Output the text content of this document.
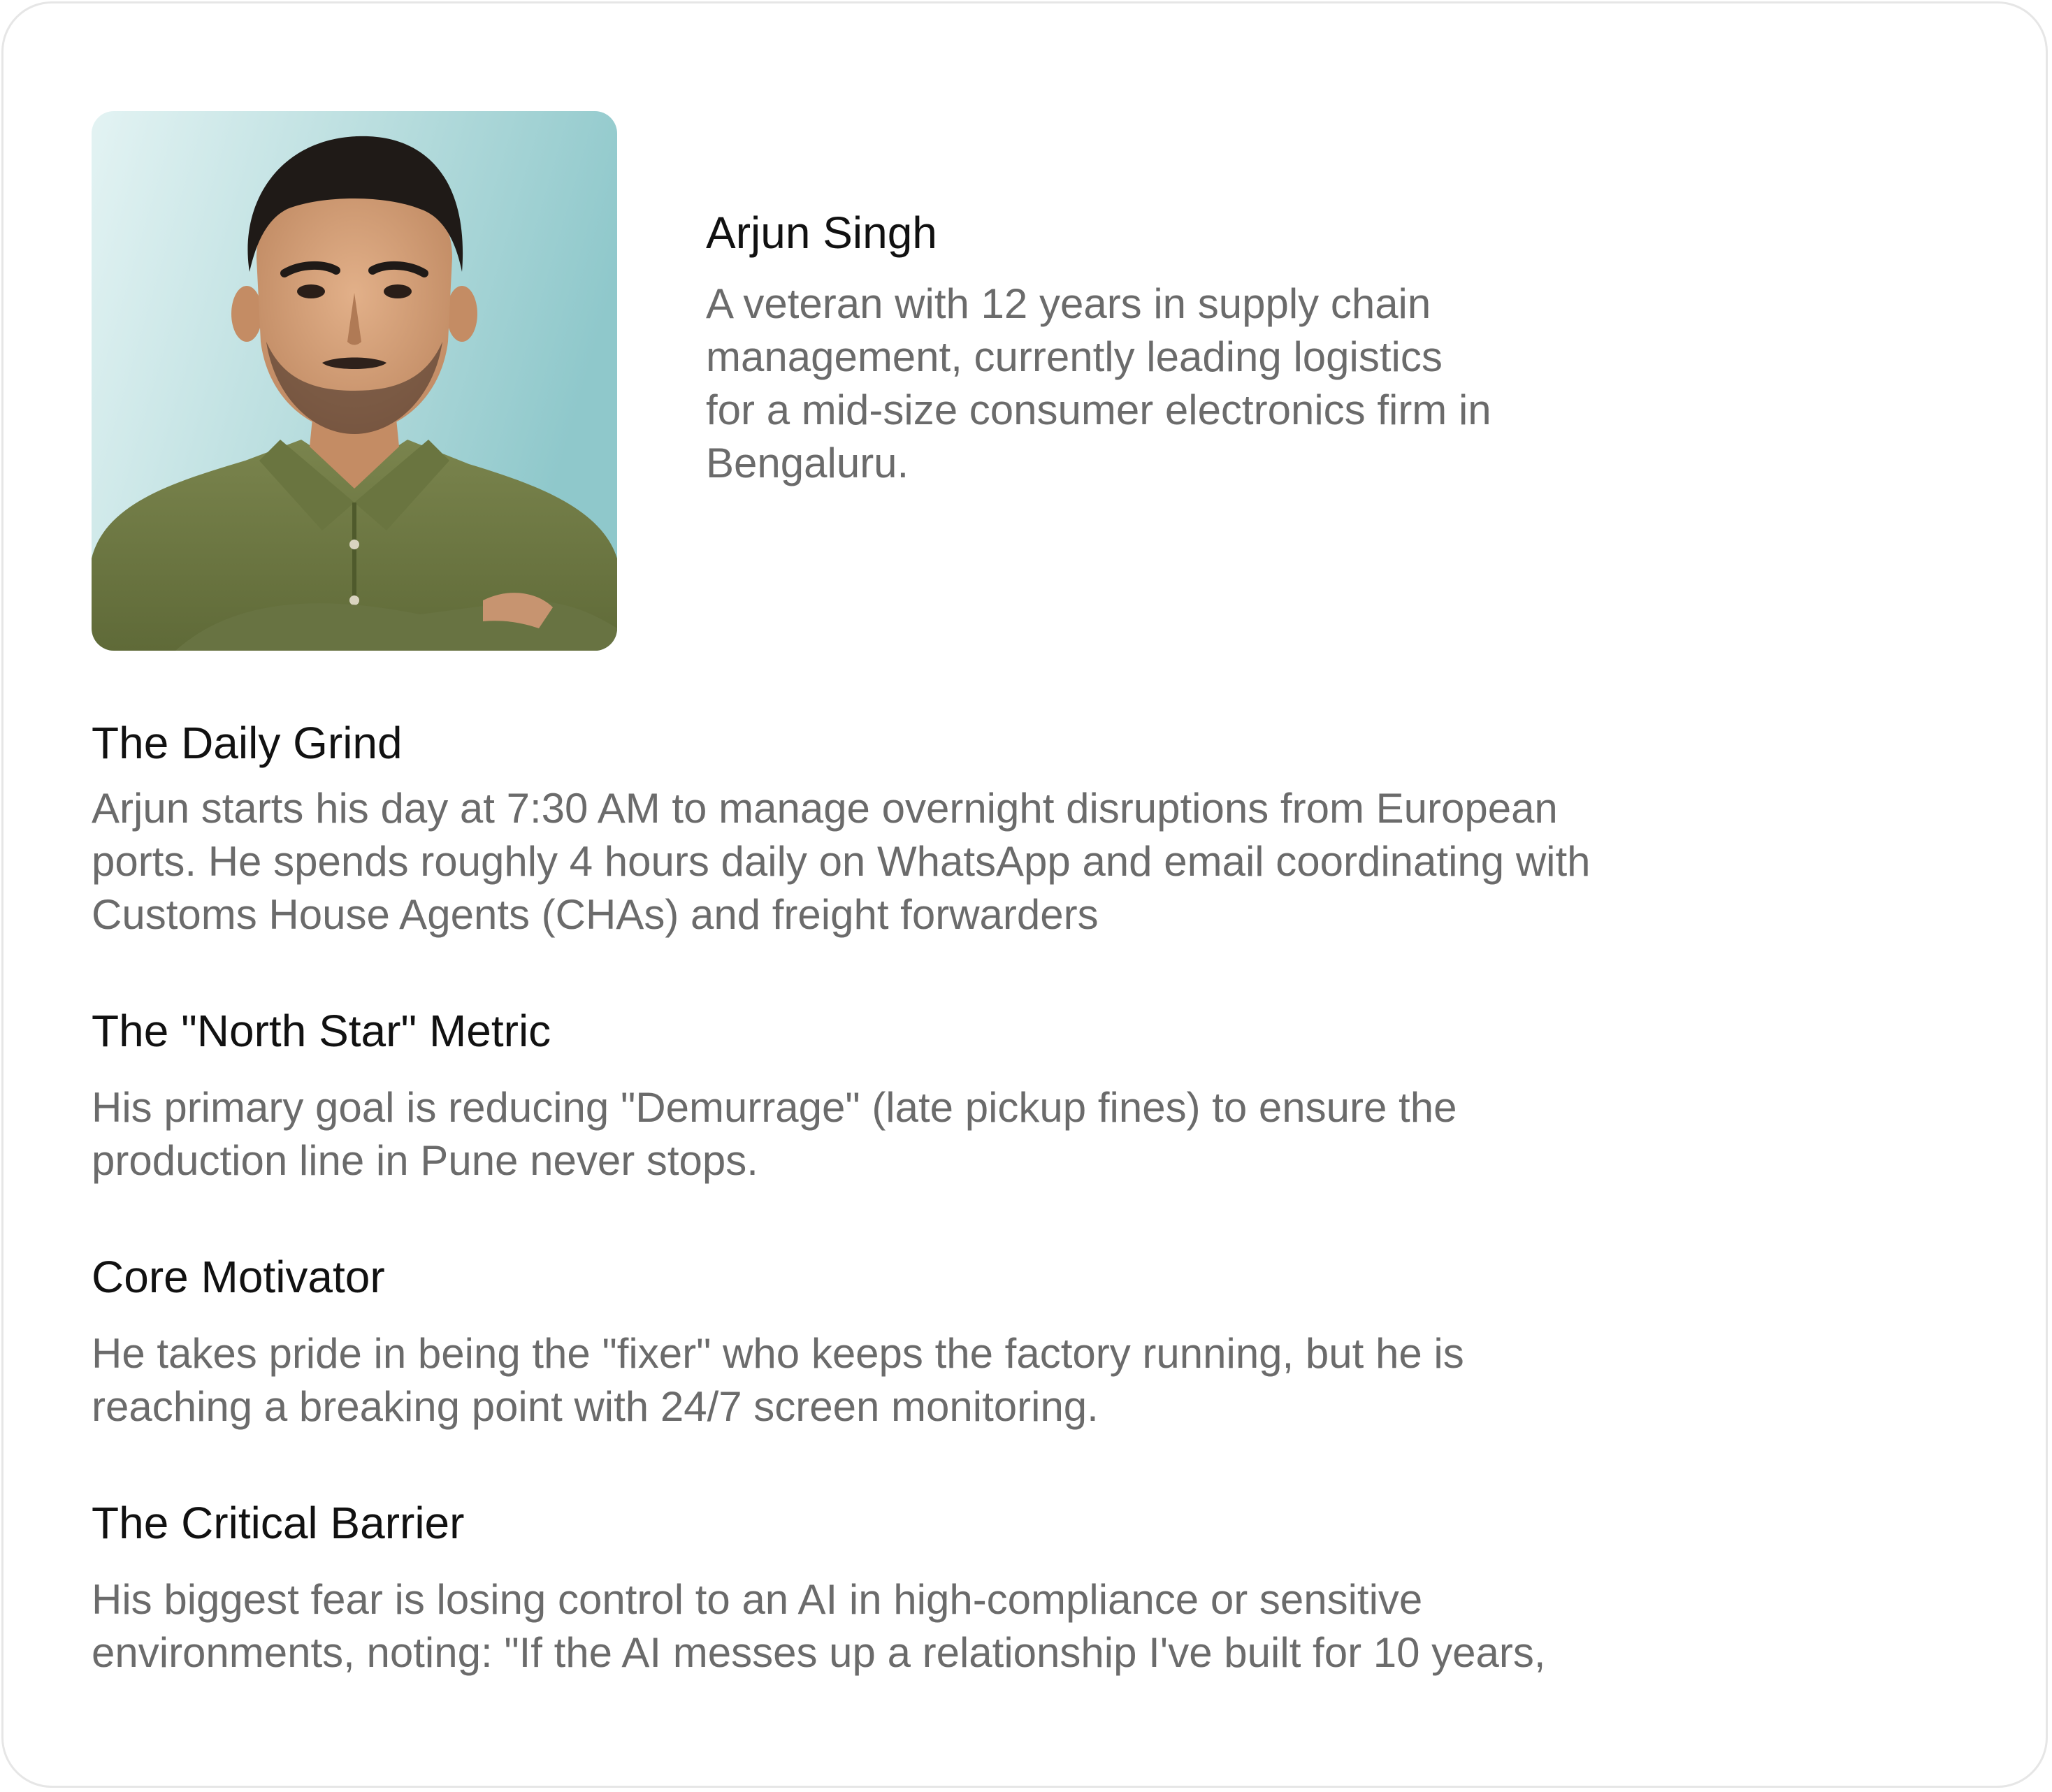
Arjun Singh
A veteran with 12 years in supply chain
management, currently leading logistics
for a mid-size consumer electronics firm in
Bengaluru.
The Daily Grind
Arjun starts his day at 7:30 AM to manage overnight disruptions from European
ports. He spends roughly 4 hours daily on WhatsApp and email coordinating with
Customs House Agents (CHAs) and freight forwarders
The "North Star" Metric
His primary goal is reducing "Demurrage" (late pickup fines) to ensure the
production line in Pune never stops.
Core Motivator
He takes pride in being the "fixer" who keeps the factory running, but he is
reaching a breaking point with 24/7 screen monitoring.
The Critical Barrier
His biggest fear is losing control to an AI in high-compliance or sensitive
environments, noting: "If the AI messes up a relationship I've built for 10 years,
